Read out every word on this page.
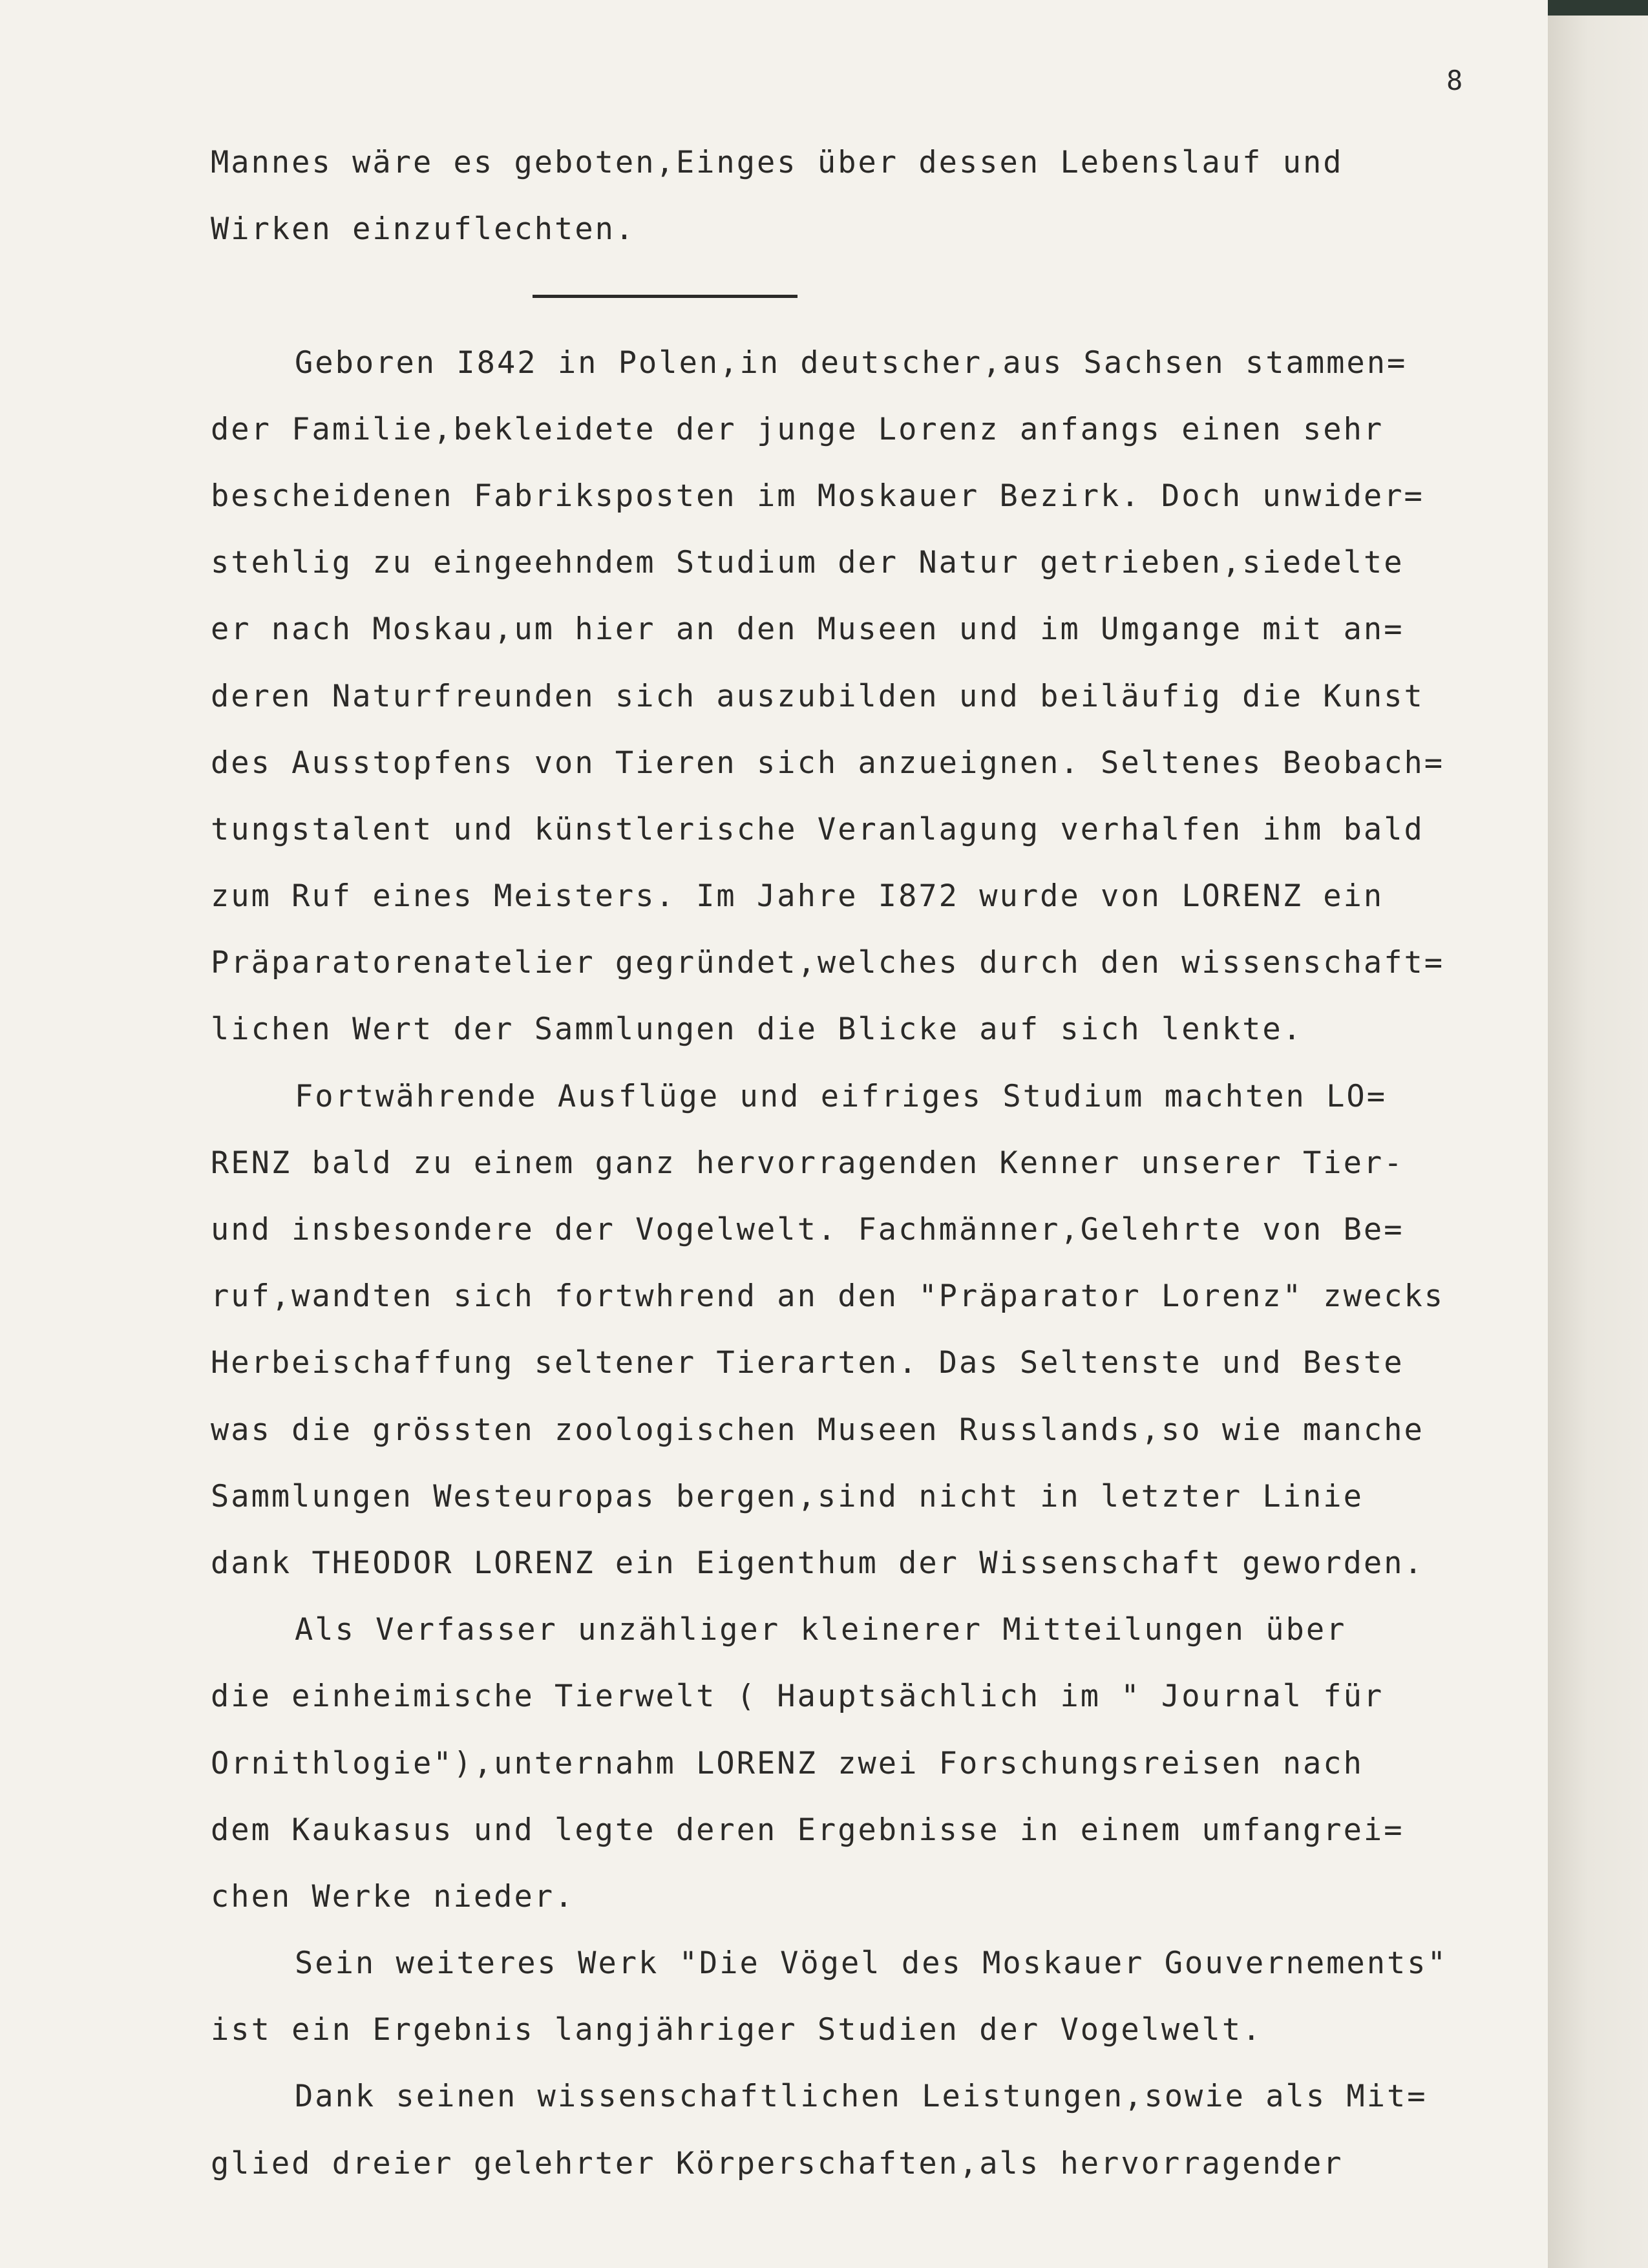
8
Mannes wäre es geboten,Einges über dessen Lebenslauf und
Wirken einzuflechten.
Geboren I842 in Polen,in deutscher,aus Sachsen stammen=
der Familie,bekleidete der junge Lorenz anfangs einen sehr
bescheidenen Fabriksposten im Moskauer Bezirk. Doch unwider=
stehlig zu eingeehndem Studium der Natur getrieben,siedelte
er nach Moskau,um hier an den Museen und im Umgange mit an=
deren Naturfreunden sich auszubilden und beiläufig die Kunst
des Ausstopfens von Tieren sich anzueignen. Seltenes Beobach=
tungstalent und künstlerische Veranlagung verhalfen ihm bald
zum Ruf eines Meisters. Im Jahre I872 wurde von LORENZ ein
Präparatorenatelier gegründet,welches durch den wissenschaft=
lichen Wert der Sammlungen die Blicke auf sich lenkte.
Fortwährende Ausflüge und eifriges Studium machten LO=
RENZ bald zu einem ganz hervorragenden Kenner unserer Tier-
und insbesondere der Vogelwelt. Fachmänner,Gelehrte von Be=
ruf,wandten sich fortwhrend an den "Präparator Lorenz" zwecks
Herbeischaffung seltener Tierarten. Das Seltenste und Beste
was die grössten zoologischen Museen Russlands,so wie manche
Sammlungen Westeuropas bergen,sind nicht in letzter Linie
dank THEODOR LORENZ ein Eigenthum der Wissenschaft geworden.
Als Verfasser unzähliger kleinerer Mitteilungen über
die einheimische Tierwelt ( Hauptsächlich im " Journal für
Ornithlogie"),unternahm LORENZ zwei Forschungsreisen nach
dem Kaukasus und legte deren Ergebnisse in einem umfangrei=
chen Werke nieder.
Sein weiteres Werk "Die Vögel des Moskauer Gouvernements"
ist ein Ergebnis langjähriger Studien der Vogelwelt.
Dank seinen wissenschaftlichen Leistungen,sowie als Mit=
glied dreier gelehrter Körperschaften,als hervorragender
